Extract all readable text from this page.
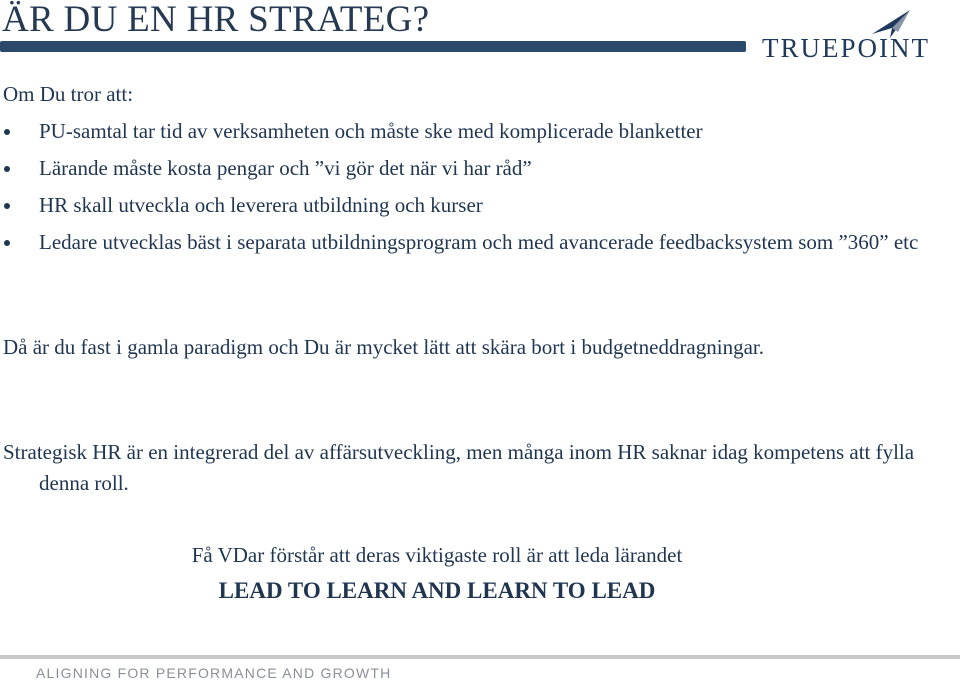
ÄR DU EN HR STRATEG?
TRUEPOINT

Om Du tror att:

PU-samtal tar tid av verksamheten och måste ske med komplicerade blanketter
Lärande måste kosta pengar och ”vi gör det när vi har råd”
HR skall utveckla och leverera utbildning och kurser
Ledare utvecklas bäst i separata utbildningsprogram och med avancerade feedbacksystem som ”360” etc

Då är du fast i gamla paradigm och Du är mycket lätt att skära bort i budgetneddragningar.

Strategisk HR är en integrerad del av affärsutveckling, men många inom HR saknar idag kompetens att fylla denna roll.

Få VDar förstår att deras viktigaste roll är att leda lärandet

LEAD TO LEARN AND LEARN TO LEAD

ALIGNING FOR PERFORMANCE AND GROWTH
